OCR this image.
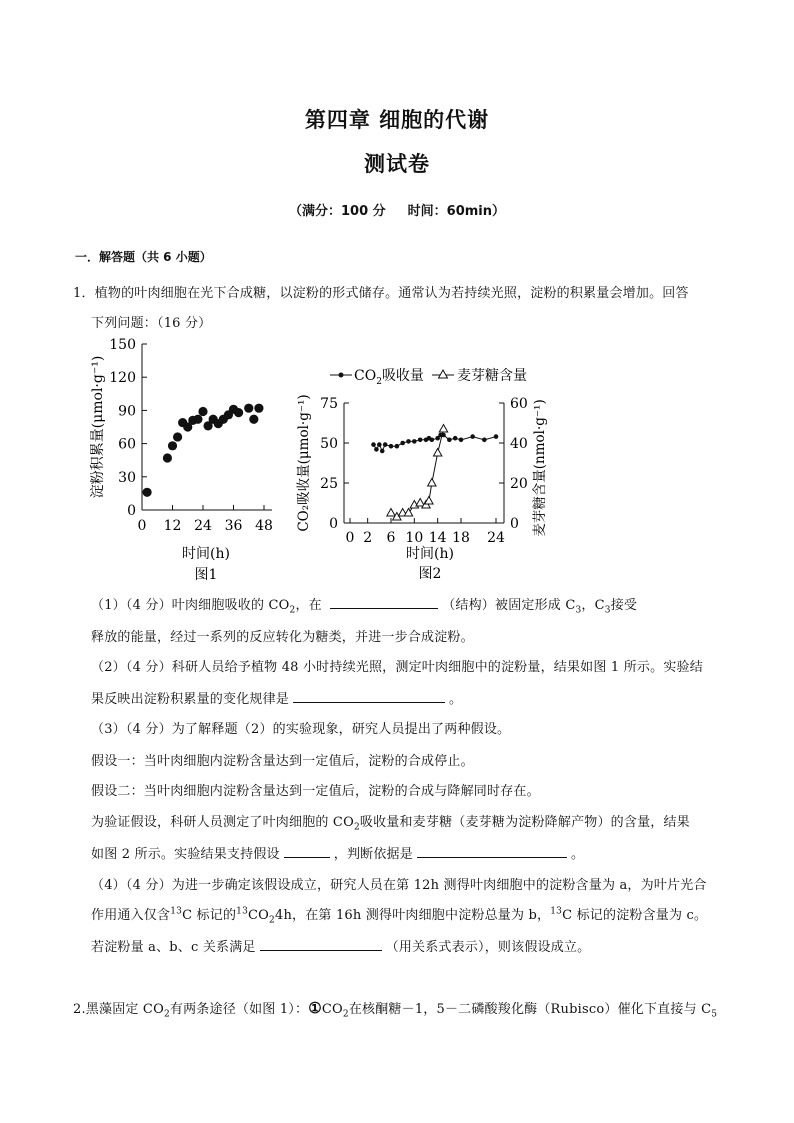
第四章 细胞的代谢
测试卷
（满分：100 分 时间：60min）
一．解答题（共 6 小题）
1．植物的叶肉细胞在光下合成糖，以淀粉的形式储存。通常认为若持续光照，淀粉的积累量会增加。回答
下列问题：（16 分）
0
30
60
90
120
150
0 12 24 36 48
淀粉积累量(μmol·g⁻¹)
时间(h)
图1
$CO_2$吸收量 麦芽糖含量
0
25
50
75
0
20
40
60
0 2 6 10 14 18 24
CO₂吸收量(μmol·g⁻¹)	麦芽糖含量(nmol·g⁻¹)
时间(h)
图2
（1）（4 分）叶肉细胞吸收的 $CO_2$，在	（结构）被固定形成 $C_3$，$C_3$接受
释放的能量，经过一系列的反应转化为糖类，并进一步合成淀粉。
（2）（4 分）科研人员给予植物 48 小时持续光照，测定叶肉细胞中的淀粉量，结果如图 1 所示。实验结
果反映出淀粉积累量的变化规律是	。
（3）（4 分）为了解释题（2）的实验现象，研究人员提出了两种假设。
假设一：当叶肉细胞内淀粉含量达到一定值后，淀粉的合成停止。
假设二：当叶肉细胞内淀粉含量达到一定值后，淀粉的合成与降解同时存在。
为验证假设，科研人员测定了叶肉细胞的 $CO_2$吸收量和麦芽糖（麦芽糖为淀粉降解产物）的含量，结果
如图 2 所示。实验结果支持假设	，判断依据是	。
（4）（4 分）为进一步确定该假设成立，研究人员在第 12h 测得叶肉细胞中的淀粉含量为 a，为叶片光合
作用通入仅含$^{13}$C 标记的$^{13}CO_24h$，在第 16h 测得叶肉细胞中淀粉总量为 b，$^{13}$C 标记的淀粉含量为 c。
若淀粉量 a、b、c 关系满足	（用关系式表示），则该假设成立。
2.黑藻固定 $CO_2$有两条途径（如图 1）：$①CO_2$在核酮糖－1，5－二磷酸羧化酶（Rubisco）催化下直接与 $C_5$
